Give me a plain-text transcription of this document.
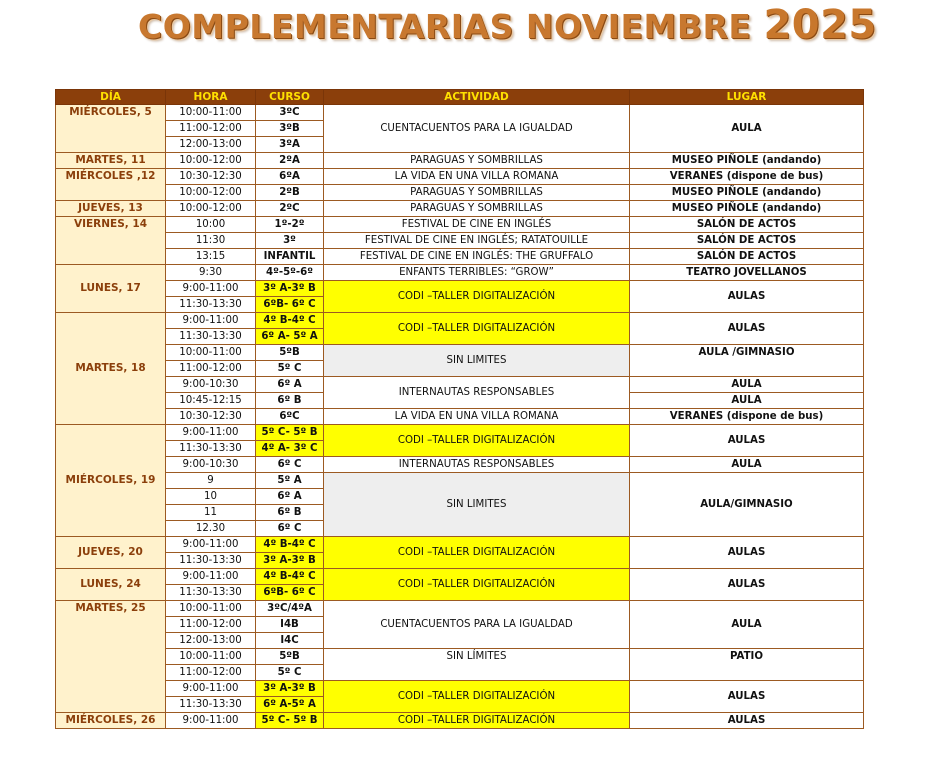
COMPLEMENTARIAS NOVIEMBRE 2025
DÍA	HORA	CURSO	ACTIVIDAD	LUGAR
MIÉRCOLES, 5	10:00-11:00	3ºC	CUENTACUENTOS PARA LA IGUALDAD	AULA
	11:00-12:00	3ºB		
	12:00-13:00	3ºA		
MARTES, 11	10:00-12:00	2ºA	PARAGUAS Y SOMBRILLAS	MUSEO PIÑOLE (andando)
MIÉRCOLES ,12	10:30-12:30	6ºA	LA VIDA EN UNA VILLA ROMANA	VERANES (dispone de bus)
	10:00-12:00	2ºB	PARAGUAS Y SOMBRILLAS	MUSEO PIÑOLE (andando)
JUEVES, 13	10:00-12:00	2ºC	PARAGUAS Y SOMBRILLAS	MUSEO PIÑOLE (andando)
VIERNES, 14	10:00	1º-2º	FESTIVAL DE CINE EN INGLÉS	SALÓN DE ACTOS
	11:30	3º	FESTIVAL DE CINE EN INGLÉS; RATATOUILLE	SALÓN DE ACTOS
	13:15	INFANTIL	FESTIVAL DE CINE EN INGLÉS: THE GRUFFALO	SALÓN DE ACTOS
LUNES, 17	9:30	4º-5º-6º	ENFANTS TERRIBLES: “GROW”	TEATRO JOVELLANOS
	9:00-11:00	3º A-3º B	CODI –TALLER DIGITALIZACIÓN	AULAS
	11:30-13:30	6ºB- 6º C		
MARTES, 18	9:00-11:00	4º B-4º C	CODI –TALLER DIGITALIZACIÓN	AULAS
	11:30-13:30	6º A- 5º A		
	10:00-11:00	5ºB	SIN LIMITES	AULA /GIMNASIO
	11:00-12:00	5º C		
	9:00-10:30	6º A	INTERNAUTAS RESPONSABLES	AULA
	10:45-12:15	6º B		AULA
	10:30-12:30	6ºC	LA VIDA EN UNA VILLA ROMANA	VERANES (dispone de bus)
MIÉRCOLES, 19	9:00-11:00	5º C- 5º B	CODI –TALLER DIGITALIZACIÓN	AULAS
	11:30-13:30	4º A- 3º C		
	9:00-10:30	6º C	INTERNAUTAS RESPONSABLES	AULA
	9	5º A	SIN LIMITES	AULA/GIMNASIO
	10	6º A		
	11	6º B		
	12.30	6º C		
JUEVES, 20	9:00-11:00	4º B-4º C	CODI –TALLER DIGITALIZACIÓN	AULAS
	11:30-13:30	3º A-3º B		
LUNES, 24	9:00-11:00	4º B-4º C	CODI –TALLER DIGITALIZACIÓN	AULAS
	11:30-13:30	6ºB- 6º C		
MARTES, 25	10:00-11:00	3ºC/4ºA	CUENTACUENTOS PARA LA IGUALDAD	AULA
	11:00-12:00	I4B		
	12:00-13:00	I4C		
	10:00-11:00	5ºB	SIN LÍMITES	PATIO
	11:00-12:00	5º C		
	9:00-11:00	3º A-3º B	CODI –TALLER DIGITALIZACIÓN	AULAS
	11:30-13:30	6º A-5º A		
MIÉRCOLES, 26	9:00-11:00	5º C- 5º B	CODI –TALLER DIGITALIZACIÓN	AULAS
